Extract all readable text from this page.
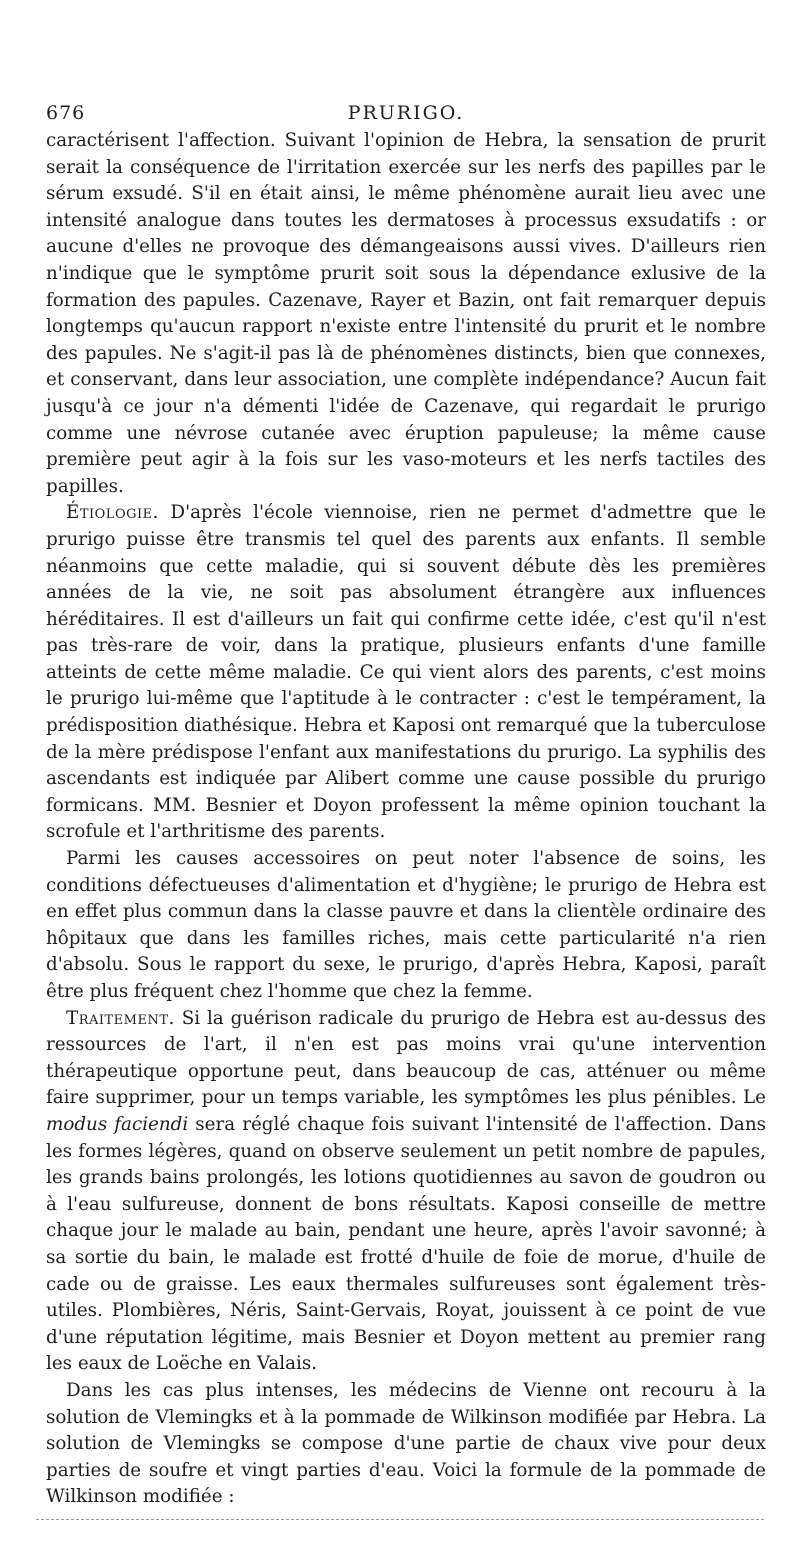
676	PRURIGO.

caractérisent l'affection. Suivant l'opinion de Hebra, la sensation de prurit serait la conséquence de l'irritation exercée sur les nerfs des papilles par le sérum exsudé. S'il en était ainsi, le même phénomène aurait lieu avec une intensité analogue dans toutes les dermatoses à processus exsudatifs : or aucune d'elles ne provoque des démangeaisons aussi vives. D'ailleurs rien n'indique que le symptôme prurit soit sous la dépendance exlusive de la formation des papules. Cazenave, Rayer et Bazin, ont fait remarquer depuis longtemps qu'aucun rapport n'existe entre l'intensité du prurit et le nombre des papules. Ne s'agit-il pas là de phénomènes distincts, bien que connexes, et conservant, dans leur association, une complète indépendance? Aucun fait jusqu'à ce jour n'a démenti l'idée de Cazenave, qui regardait le prurigo comme une névrose cutanée avec éruption papuleuse; la même cause première peut agir à la fois sur les vaso-moteurs et les nerfs tactiles des papilles.

Étiologie. D'après l'école viennoise, rien ne permet d'admettre que le prurigo puisse être transmis tel quel des parents aux enfants. Il semble néanmoins que cette maladie, qui si souvent débute dès les premières années de la vie, ne soit pas absolument étrangère aux influences héréditaires. Il est d'ailleurs un fait qui confirme cette idée, c'est qu'il n'est pas très-rare de voir, dans la pratique, plusieurs enfants d'une famille atteints de cette même maladie. Ce qui vient alors des parents, c'est moins le prurigo lui-même que l'aptitude à le contracter : c'est le tempérament, la prédisposition diathésique. Hebra et Kaposi ont remarqué que la tuberculose de la mère prédispose l'enfant aux manifestations du prurigo. La syphilis des ascendants est indiquée par Alibert comme une cause possible du prurigo formicans. MM. Besnier et Doyon professent la même opinion touchant la scrofule et l'arthritisme des parents.

Parmi les causes accessoires on peut noter l'absence de soins, les conditions défectueuses d'alimentation et d'hygiène; le prurigo de Hebra est en effet plus commun dans la classe pauvre et dans la clientèle ordinaire des hôpitaux que dans les familles riches, mais cette particularité n'a rien d'absolu. Sous le rapport du sexe, le prurigo, d'après Hebra, Kaposi, paraît être plus fréquent chez l'homme que chez la femme.

Traitement. Si la guérison radicale du prurigo de Hebra est au-dessus des ressources de l'art, il n'en est pas moins vrai qu'une intervention thérapeutique opportune peut, dans beaucoup de cas, atténuer ou même faire supprimer, pour un temps variable, les symptômes les plus pénibles. Le modus faciendi sera réglé chaque fois suivant l'intensité de l'affection. Dans les formes légères, quand on observe seulement un petit nombre de papules, les grands bains prolongés, les lotions quotidiennes au savon de goudron ou à l'eau sulfureuse, donnent de bons résultats. Kaposi conseille de mettre chaque jour le malade au bain, pendant une heure, après l'avoir savonné; à sa sortie du bain, le malade est frotté d'huile de foie de morue, d'huile de cade ou de graisse. Les eaux thermales sulfureuses sont également très-utiles. Plombières, Néris, Saint-Gervais, Royat, jouissent à ce point de vue d'une réputation légitime, mais Besnier et Doyon mettent au premier rang les eaux de Loëche en Valais.

Dans les cas plus intenses, les médecins de Vienne ont recouru à la solution de Vlemingks et à la pommade de Wilkinson modifiée par Hebra. La solution de Vlemingks se compose d'une partie de chaux vive pour deux parties de soufre et vingt parties d'eau. Voici la formule de la pommade de Wilkinson modifiée :
